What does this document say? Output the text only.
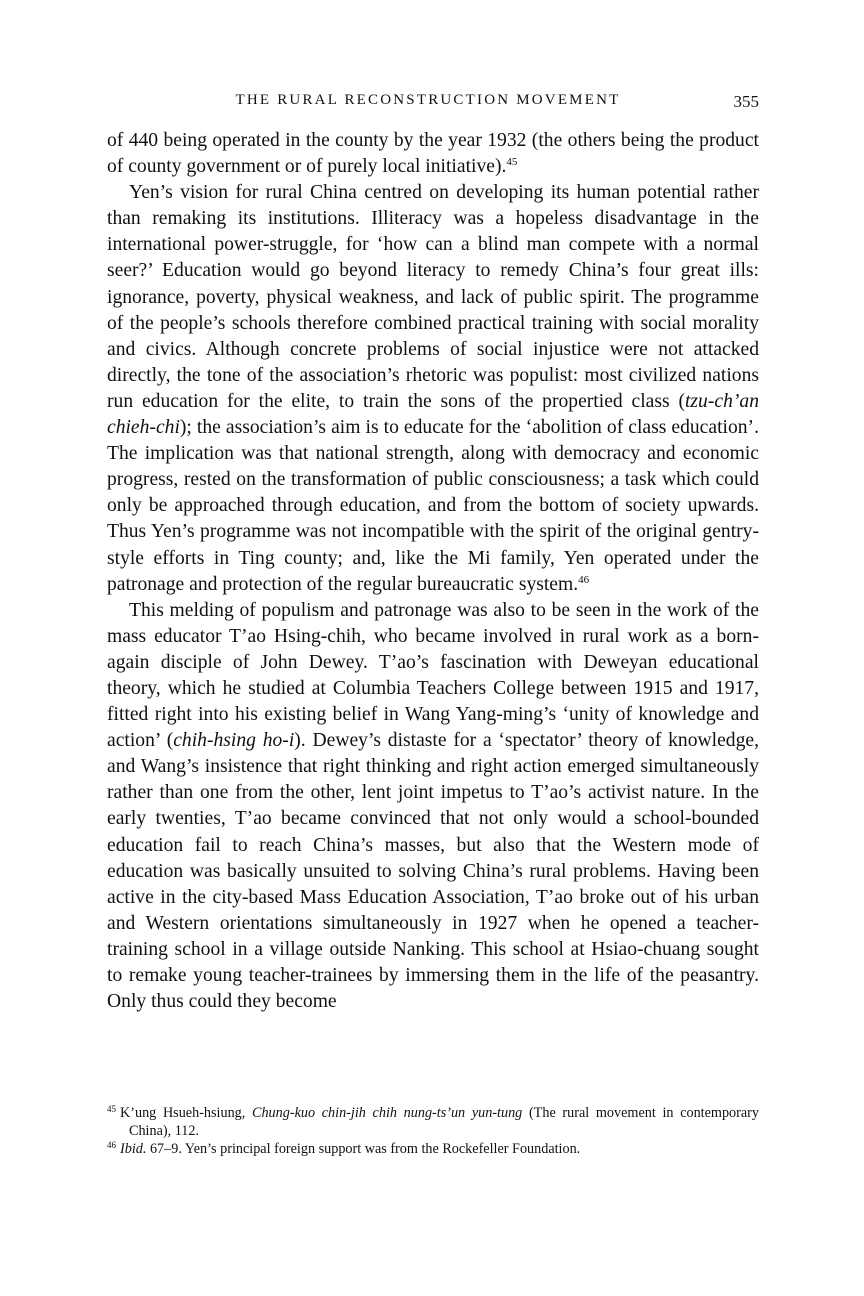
THE RURAL RECONSTRUCTION MOVEMENT	355

of 440 being operated in the county by the year 1932 (the others being the product of county government or of purely local initiative).$^{45}$

Yen’s vision for rural China centred on developing its human potential rather than remaking its institutions. Illiteracy was a hopeless disadvantage in the international power-struggle, for ‘how can a blind man compete with a normal seer?’ Education would go beyond literacy to remedy China’s four great ills: ignorance, poverty, physical weakness, and lack of public spirit. The programme of the people’s schools therefore combined practical training with social morality and civics. Although concrete problems of social injustice were not attacked directly, the tone of the association’s rhetoric was populist: most civilized nations run education for the elite, to train the sons of the propertied class (tzu-ch’an chieh-chi); the association’s aim is to educate for the ‘abolition of class education’. The implication was that national strength, along with democracy and economic progress, rested on the transformation of public consciousness; a task which could only be approached through education, and from the bottom of society upwards. Thus Yen’s programme was not incompatible with the spirit of the original gentry-style efforts in Ting county; and, like the Mi family, Yen operated under the patronage and protection of the regular bureaucratic system.$^{46}$

This melding of populism and patronage was also to be seen in the work of the mass educator T’ao Hsing-chih, who became involved in rural work as a born-again disciple of John Dewey. T’ao’s fascination with Deweyan educational theory, which he studied at Columbia Teachers College between 1915 and 1917, fitted right into his existing belief in Wang Yang-ming’s ‘unity of knowledge and action’ (chih-hsing ho-i). Dewey’s distaste for a ‘spectator’ theory of knowledge, and Wang’s insistence that right thinking and right action emerged simultaneously rather than one from the other, lent joint impetus to T’ao’s activist nature. In the early twenties, T’ao became convinced that not only would a school-bounded education fail to reach China’s masses, but also that the Western mode of education was basically unsuited to solving China’s rural problems. Having been active in the city-based Mass Education Association, T’ao broke out of his urban and Western orientations simultaneously in 1927 when he opened a teacher-training school in a village outside Nanking. This school at Hsiao-chuang sought to remake young teacher-trainees by immersing them in the life of the peasantry. Only thus could they become

$^{45}$ K’ung Hsueh-hsiung, Chung-kuo chin-jih chih nung-ts’un yun-tung (The rural movement in contemporary China), 112.

$^{46}$ Ibid. 67–9. Yen’s principal foreign support was from the Rockefeller Foundation.
